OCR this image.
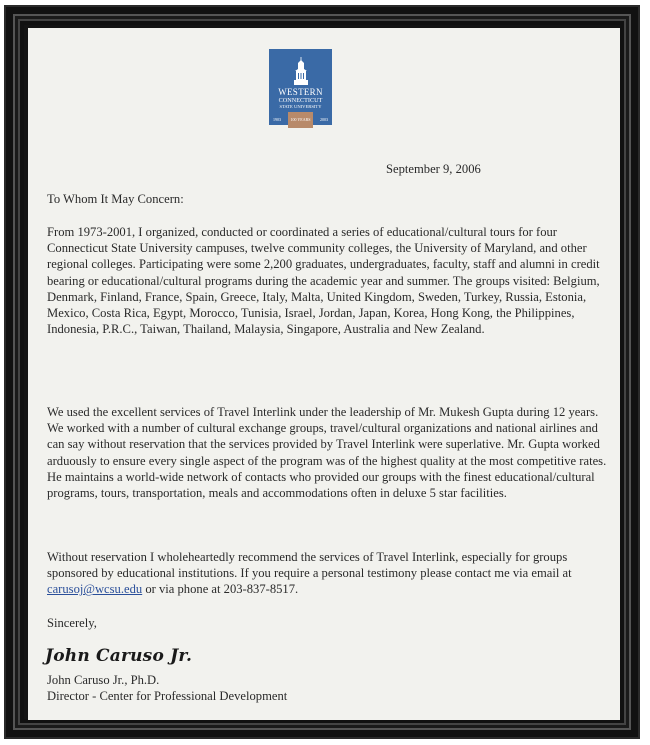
WESTERN
CONNECTICUT
STATE UNIVERSITY
1903	100 YEARS	2003
September 9, 2006
To Whom It May Concern:

From 1973-2001, I organized, conducted or coordinated a series of educational/cultural tours for four Connecticut State University campuses, twelve community colleges, the University of Maryland, and other regional colleges. Participating were some 2,200 graduates, undergraduates, faculty, staff and alumni in credit bearing or educational/cultural programs during the academic year and summer. The groups visited: Belgium, Denmark, Finland, France, Spain, Greece, Italy, Malta, United Kingdom, Sweden, Turkey, Russia, Estonia, Mexico, Costa Rica, Egypt, Morocco, Tunisia, Israel, Jordan, Japan, Korea, Hong Kong, the Philippines, Indonesia, P.R.C., Taiwan, Thailand, Malaysia, Singapore, Australia and New Zealand.

We used the excellent services of Travel Interlink under the leadership of Mr. Mukesh Gupta during 12 years. We worked with a number of cultural exchange groups, travel/cultural organizations and national airlines and can say without reservation that the services provided by Travel Interlink were superlative. Mr. Gupta worked arduously to ensure every single aspect of the program was of the highest quality at the most competitive rates. He maintains a world-wide network of contacts who provided our groups with the finest educational/cultural programs, tours, transportation, meals and accommodations often in deluxe 5 star facilities.

Without reservation I wholeheartedly recommend the services of Travel Interlink, especially for groups sponsored by educational institutions. If you require a personal testimony please contact me via email at carusoj@wcsu.edu or via phone at 203-837-8517.

Sincerely,
John Caruso Jr.
John Caruso Jr., Ph.D.
Director - Center for Professional Development
